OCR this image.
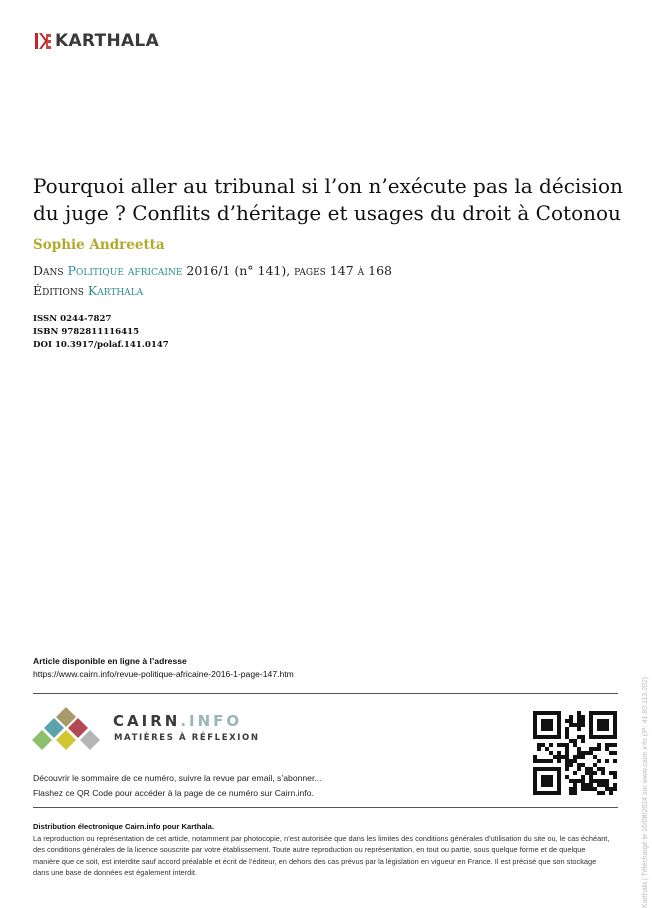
KARTHALA
Pourquoi aller au tribunal si l’on n’exécute pas la décision du juge ? Conflits d’héritage et usages du droit à Cotonou
Sophie Andreetta
Dans Politique africaine 2016/1 (n° 141), pages 147 à 168
Éditions Karthala
ISSN 0244-7827
ISBN 9782811116415
DOI 10.3917/polaf.141.0147
Article disponible en ligne à l’adresse
https://www.cairn.info/revue-politique-africaine-2016-1-page-147.htm
CAIRN.INFO
MATIÈRES À RÉFLEXION
Découvrir le sommaire de ce numéro, suivre la revue par email, s’abonner...
Flashez ce QR Code pour accéder à la page de ce numéro sur Cairn.info.
Distribution électronique Cairn.info pour Karthala.
La reproduction ou représentation de cet article, notamment par photocopie, n’est autorisée que dans les limites des conditions générales d’utilisation du site ou, le cas échéant, des conditions générales de la licence souscrite par votre établissement. Toute autre reproduction ou représentation, en tout ou partie, sous quelque forme et de quelque manière que ce soit, est interdite sauf accord préalable et écrit de l’éditeur, en dehors des cas prévus par la législation en vigueur en France. Il est précisé que son stockage dans une base de données est également interdit.	Karthala | Téléchargé le 16/08/2024 sur www.cairn.info (IP: 41.80.113.202)
